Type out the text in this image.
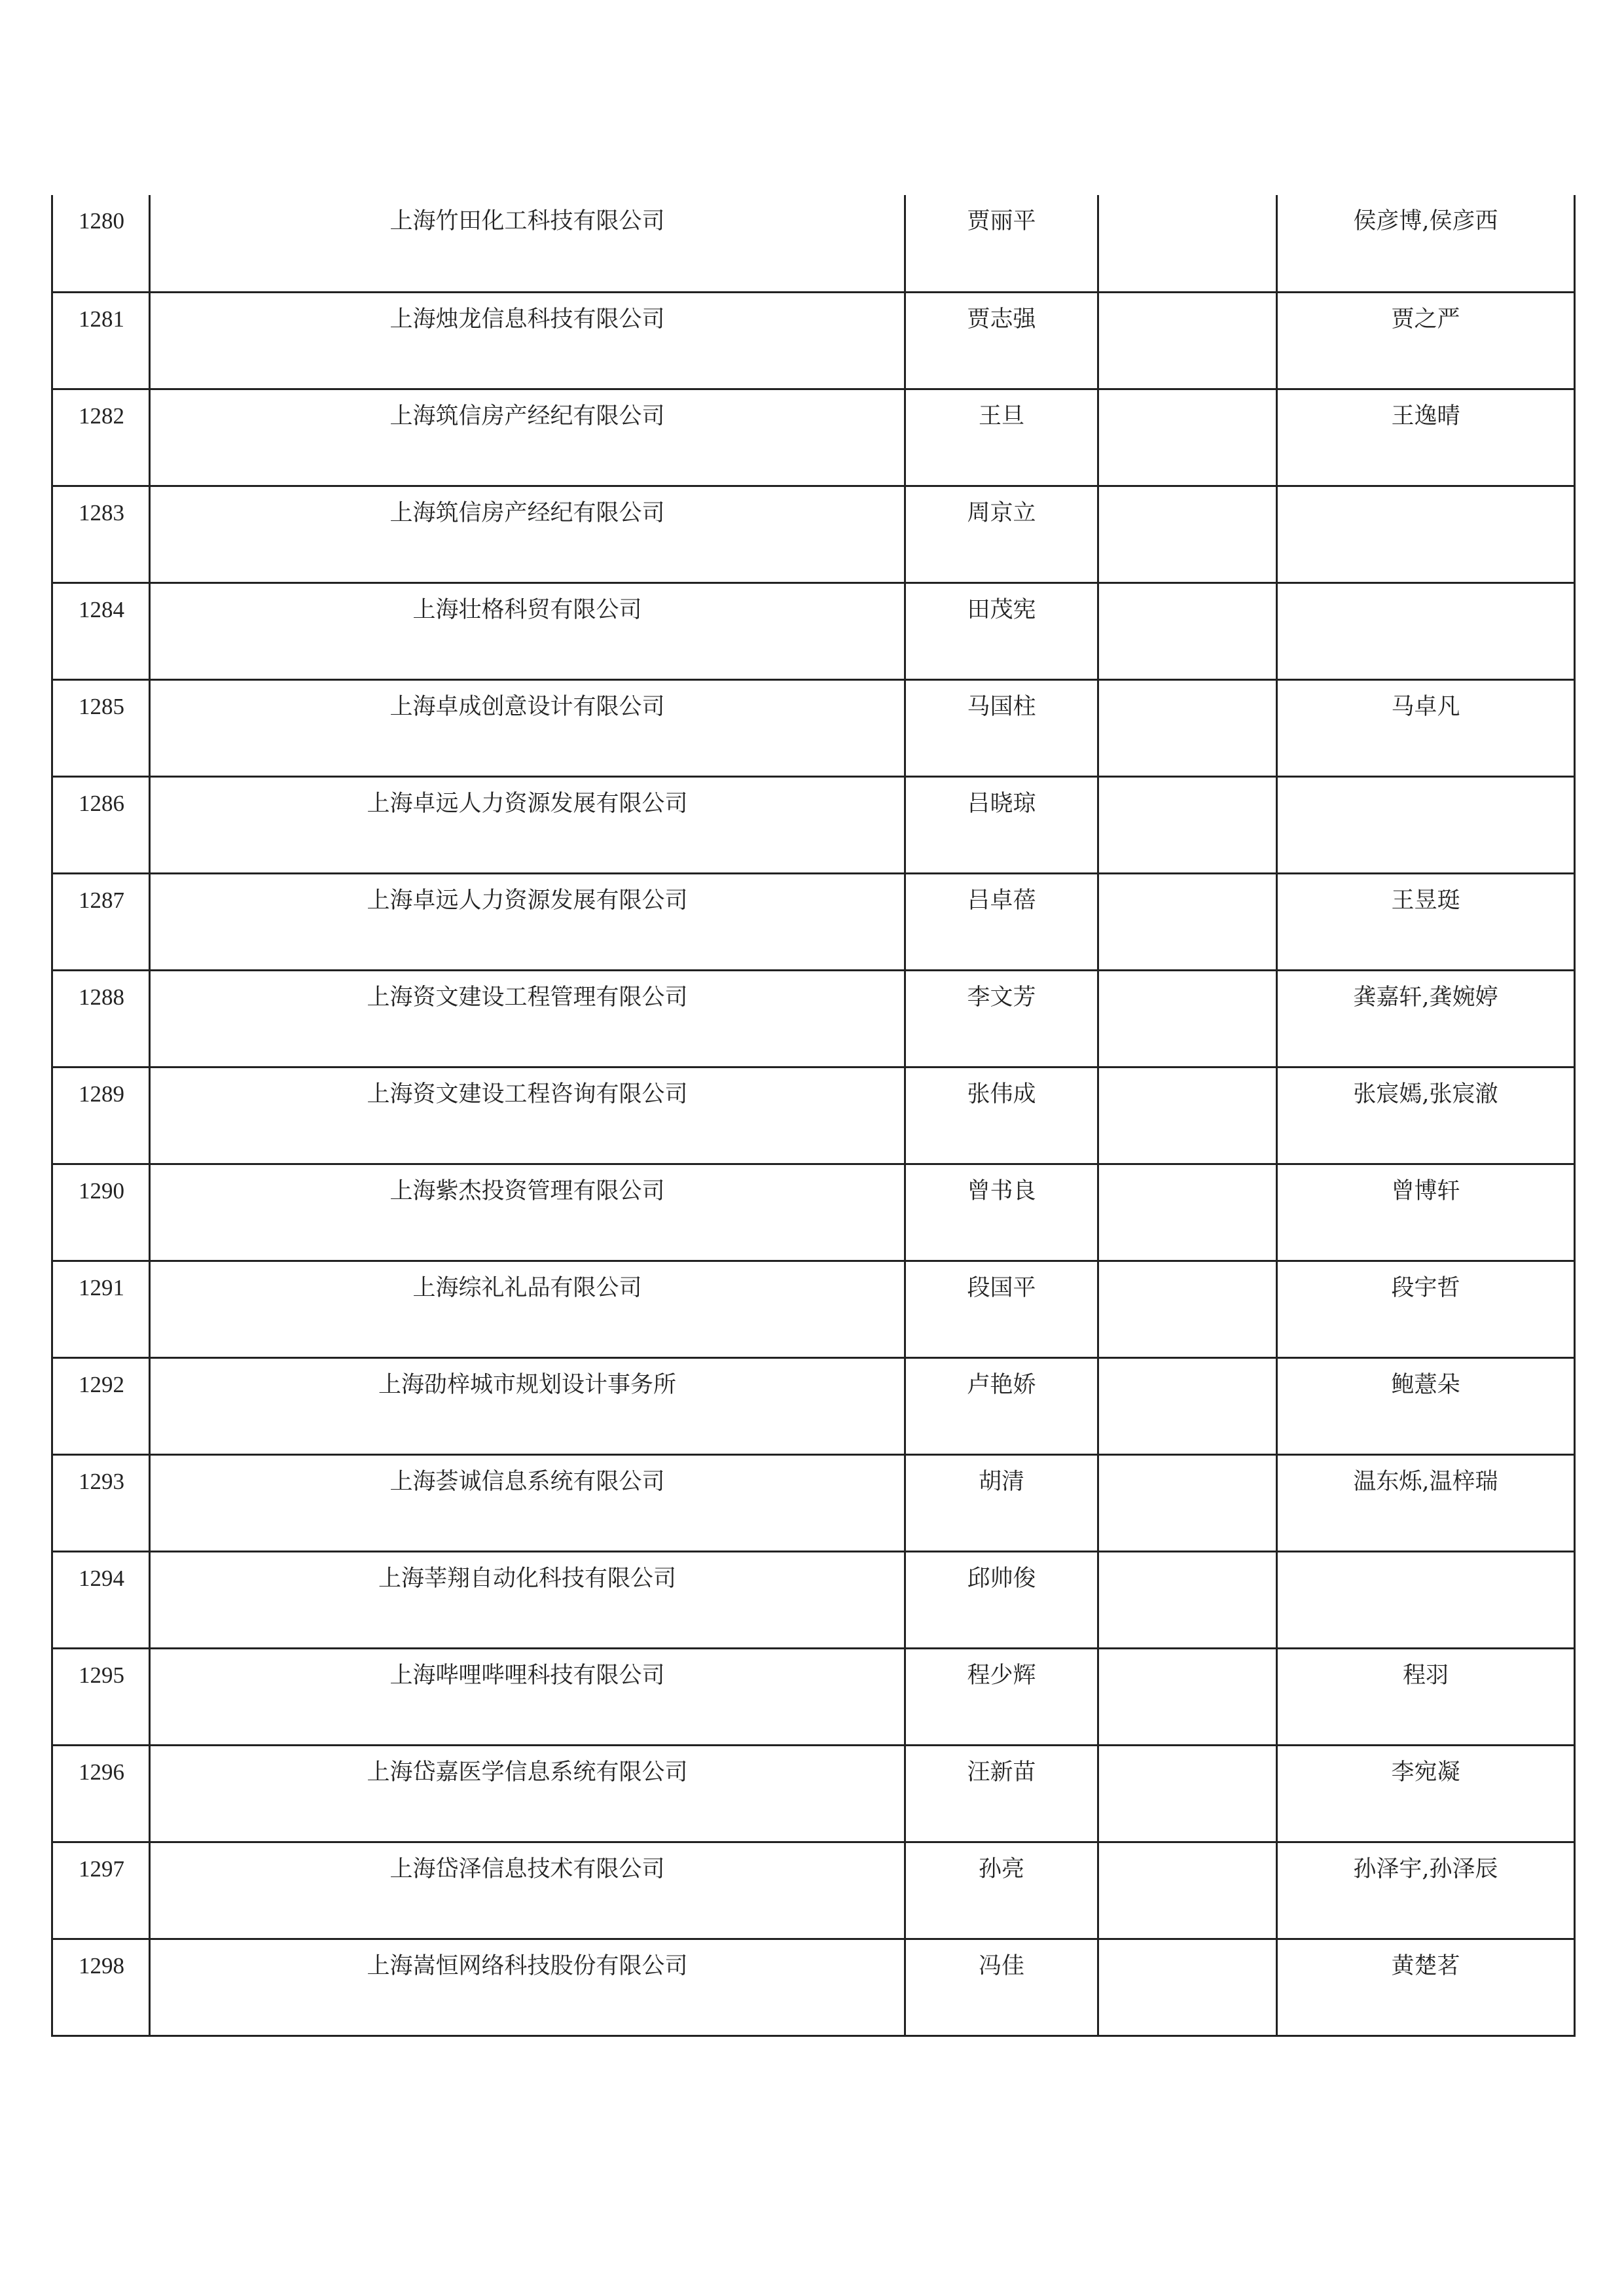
1280	上海竹田化工科技有限公司	贾丽平		侯彦博,侯彦西
1281	上海烛龙信息科技有限公司	贾志强		贾之严
1282	上海筑信房产经纪有限公司	王旦		王逸晴
1283	上海筑信房产经纪有限公司	周京立		
1284	上海壮格科贸有限公司	田茂宪		
1285	上海卓成创意设计有限公司	马国柱		马卓凡
1286	上海卓远人力资源发展有限公司	吕晓琼		
1287	上海卓远人力资源发展有限公司	吕卓蓓		王昱珽
1288	上海资文建设工程管理有限公司	李文芳		龚嘉轩,龚婉婷
1289	上海资文建设工程咨询有限公司	张伟成		张宸嫣,张宸澈
1290	上海紫杰投资管理有限公司	曾书良		曾博轩
1291	上海综礼礼品有限公司	段国平		段宇哲
1292	上海劭梓城市规划设计事务所	卢艳娇		鲍薏朵
1293	上海荟诚信息系统有限公司	胡清		温东烁,温梓瑞
1294	上海莘翔自动化科技有限公司	邱帅俊		
1295	上海哔哩哔哩科技有限公司	程少辉		程羽
1296	上海岱嘉医学信息系统有限公司	汪新苗		李宛凝
1297	上海岱泽信息技术有限公司	孙亮		孙泽宇,孙泽辰
1298	上海嵩恒网络科技股份有限公司	冯佳		黄楚茗
